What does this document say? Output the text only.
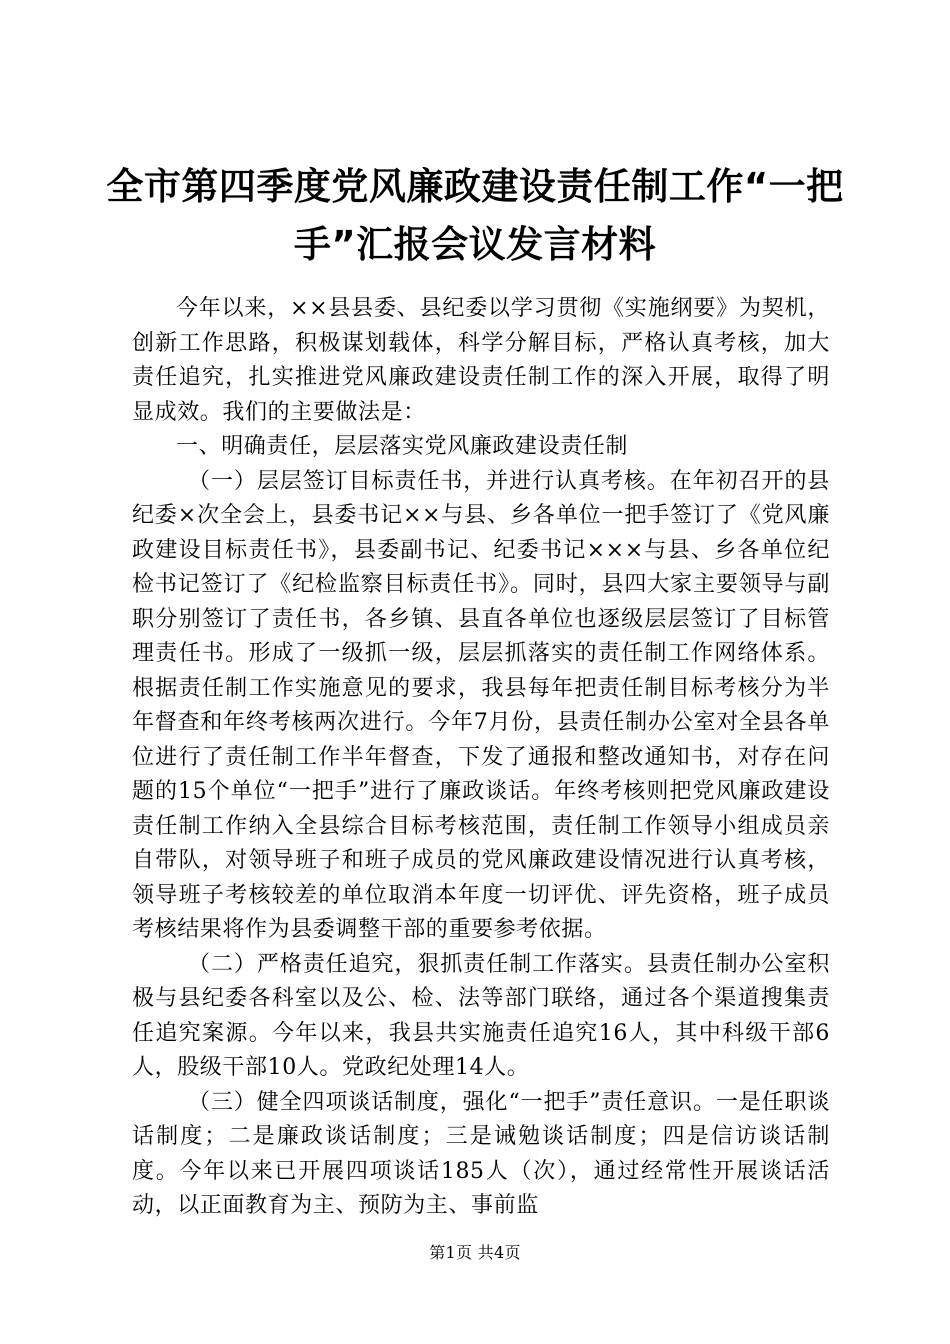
全市第四季度党风廉政建设责任制工作“一把
手”汇报会议发言材料

今年以来，××县县委、县纪委以学习贯彻《实施纲要》为契机，创新工作思路，积极谋划载体，科学分解目标，严格认真考核，加大责任追究，扎实推进党风廉政建设责任制工作的深入开展，取得了明显成效。我们的主要做法是：

一、明确责任，层层落实党风廉政建设责任制

（一）层层签订目标责任书，并进行认真考核。在年初召开的县纪委×次全会上，县委书记××与县、乡各单位一把手签订了《党风廉政建设目标责任书》，县委副书记、纪委书记×××与县、乡各单位纪检书记签订了《纪检监察目标责任书》。同时，县四大家主要领导与副职分别签订了责任书，各乡镇、县直各单位也逐级层层签订了目标管理责任书。形成了一级抓一级，层层抓落实的责任制工作网络体系。根据责任制工作实施意见的要求，我县每年把责任制目标考核分为半年督查和年终考核两次进行。今年7月份，县责任制办公室对全县各单位进行了责任制工作半年督查，下发了通报和整改通知书，对存在问题的15个单位“一把手”进行了廉政谈话。年终考核则把党风廉政建设责任制工作纳入全县综合目标考核范围，责任制工作领导小组成员亲自带队，对领导班子和班子成员的党风廉政建设情况进行认真考核，领导班子考核较差的单位取消本年度一切评优、评先资格，班子成员考核结果将作为县委调整干部的重要参考依据。

（二）严格责任追究，狠抓责任制工作落实。县责任制办公室积极与县纪委各科室以及公、检、法等部门联络，通过各个渠道搜集责任追究案源。今年以来，我县共实施责任追究16人，其中科级干部6人，股级干部10人。党政纪处理14人。

（三）健全四项谈话制度，强化“一把手”责任意识。一是任职谈话制度；二是廉政谈话制度；三是诫勉谈话制度；四是信访谈话制度。今年以来已开展四项谈话185人（次），通过经常性开展谈话活动，以正面教育为主、预防为主、事前监

第1页 共4页
